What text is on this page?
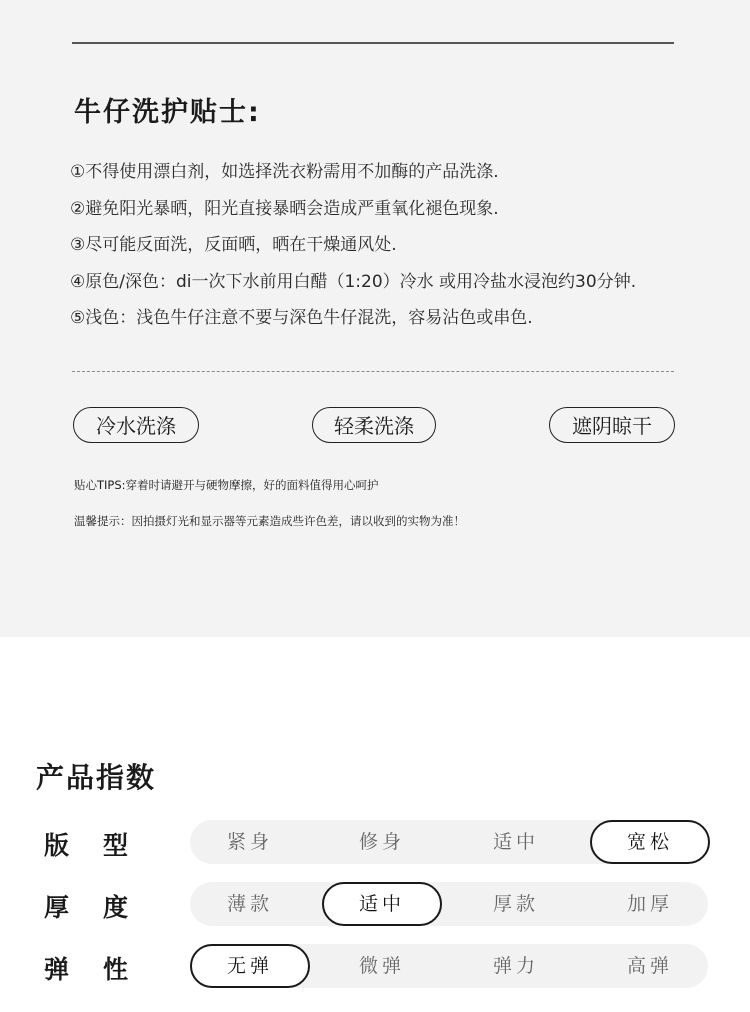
牛仔洗护贴士:
①不得使用漂白剂，如选择洗衣粉需用不加酶的产品洗涤.
②避免阳光暴晒，阳光直接暴晒会造成严重氧化褪色现象.
③尽可能反面洗，反面晒，晒在干燥通风处.
④原色/深色：di一次下水前用白醋（1:20）冷水 或用冷盐水浸泡约30分钟.
⑤浅色：浅色牛仔注意不要与深色牛仔混洗，容易沾色或串色.
冷水洗涤	轻柔洗涤	遮阴晾干
贴心TIPS:穿着时请避开与硬物摩擦，好的面料值得用心呵护
温馨提示：因拍摄灯光和显示器等元素造成些许色差，请以收到的实物为准！
产品指数
版型	紧身	修身	适中	宽松
厚度	薄款	适中	厚款	加厚
弹性	无弹	微弹	弹力	高弹
